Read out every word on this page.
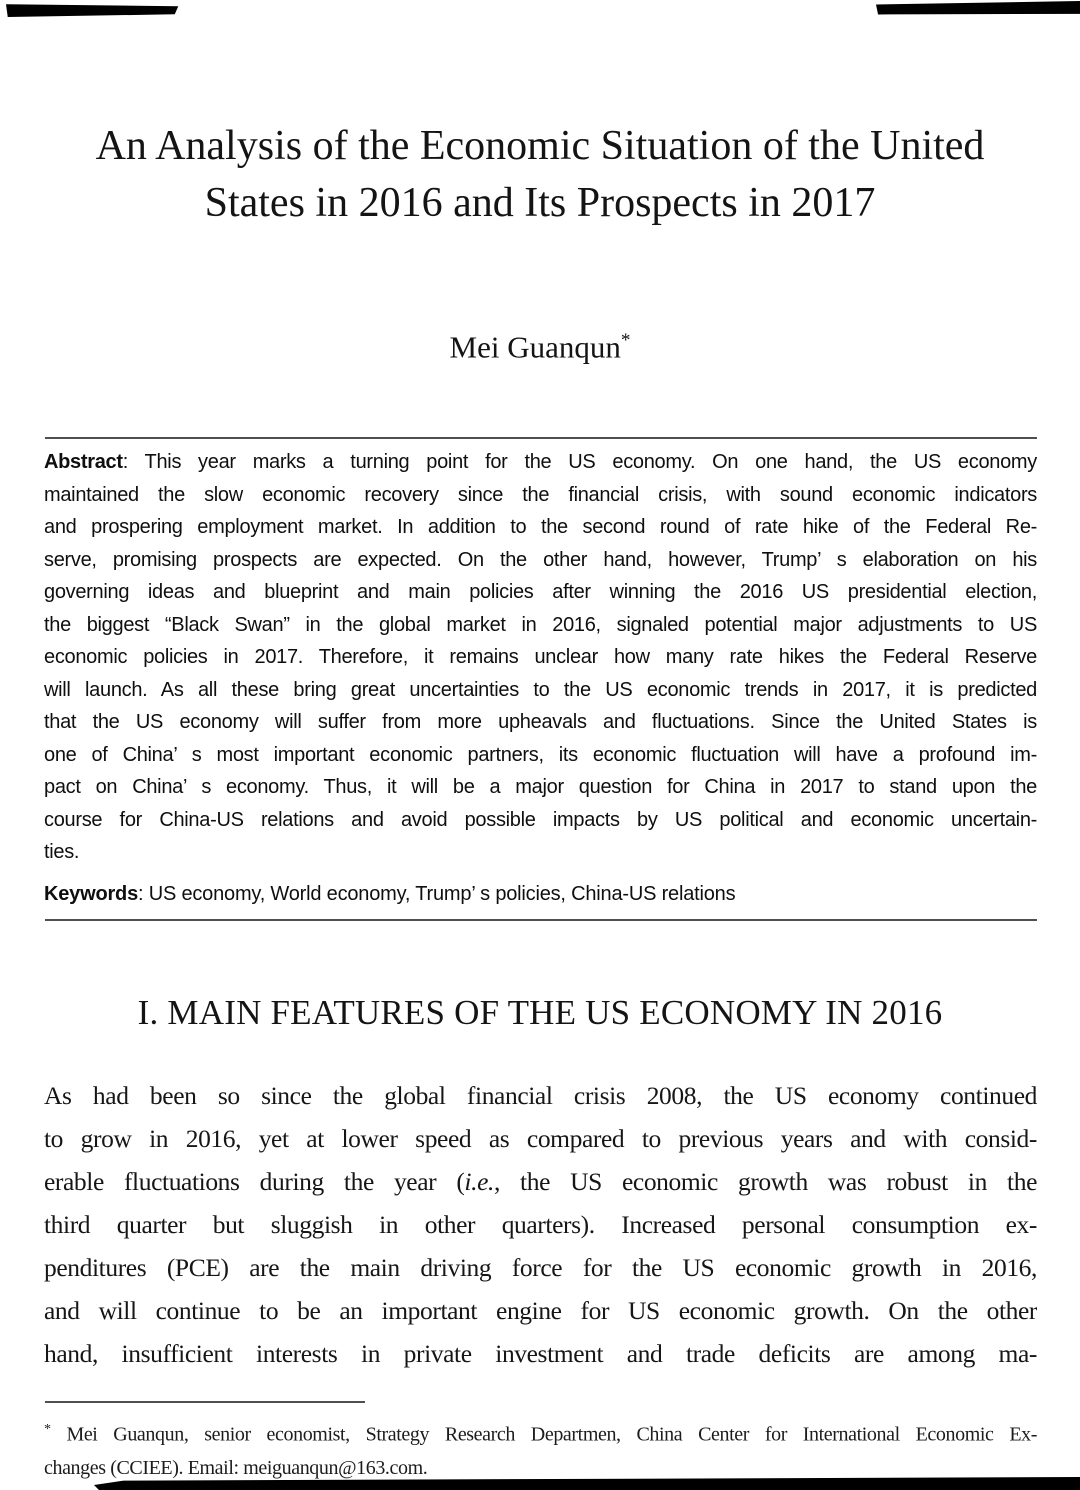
An Analysis of the Economic Situation of the United
States in 2016 and Its Prospects in 2017
Mei Guanqun*
Abstract: This year marks a turning point for the US economy. On one hand, the US economy
maintained the slow economic recovery since the financial crisis, with sound economic indicators
and prospering employment market. In addition to the second round of rate hike of the Federal Re-
serve, promising prospects are expected. On the other hand, however, Trump’ s elaboration on his
governing ideas and blueprint and main policies after winning the 2016 US presidential election,
the biggest “Black Swan” in the global market in 2016, signaled potential major adjustments to US
economic policies in 2017. Therefore, it remains unclear how many rate hikes the Federal Reserve
will launch. As all these bring great uncertainties to the US economic trends in 2017, it is predicted
that the US economy will suffer from more upheavals and fluctuations. Since the United States is
one of China’ s most important economic partners, its economic fluctuation will have a profound im-
pact on China’ s economy. Thus, it will be a major question for China in 2017 to stand upon the
course for China-US relations and avoid possible impacts by US political and economic uncertain-
ties.
Keywords: US economy, World economy, Trump’ s policies, China-US relations
I. MAIN FEATURES OF THE US ECONOMY IN 2016
As had been so since the global financial crisis 2008, the US economy continued
to grow in 2016, yet at lower speed as compared to previous years and with consid-
erable fluctuations during the year (i.e., the US economic growth was robust in the
third quarter but sluggish in other quarters). Increased personal consumption ex-
penditures (PCE) are the main driving force for the US economic growth in 2016,
and will continue to be an important engine for US economic growth. On the other
hand, insufficient interests in private investment and trade deficits are among ma-
* Mei Guanqun, senior economist, Strategy Research Departmen, China Center for International Economic Ex-
changes (CCIEE). Email: meiguanqun@163.com.
